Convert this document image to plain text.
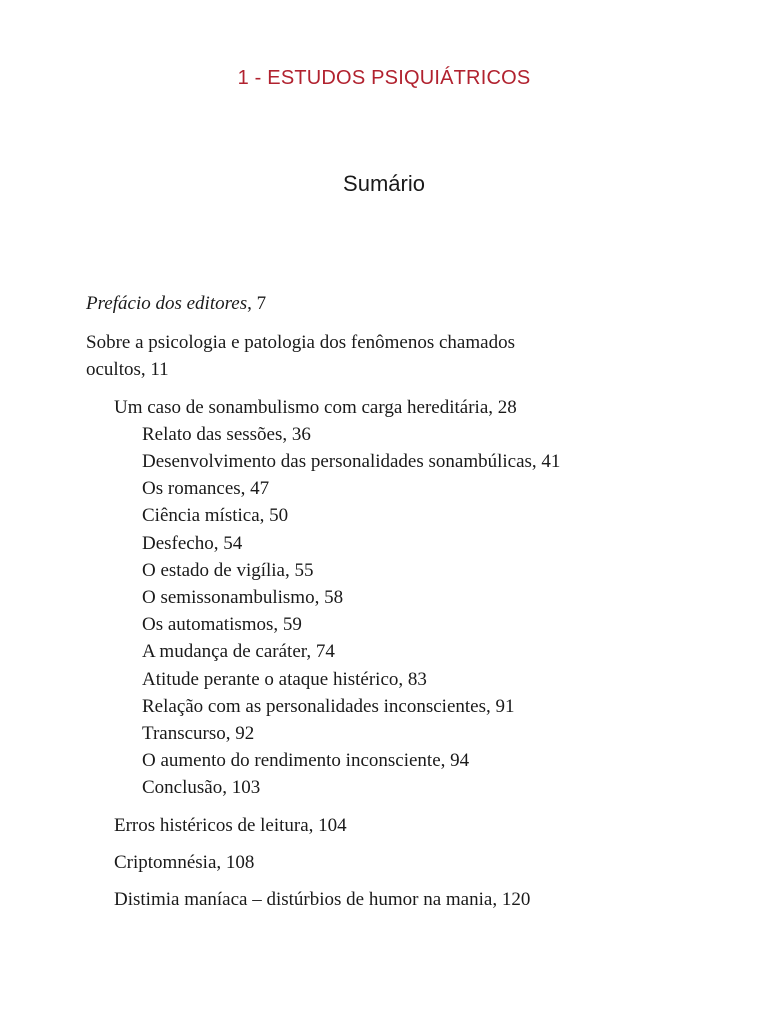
1 - ESTUDOS PSIQUIÁTRICOS
Sumário
Prefácio dos editores, 7
Sobre a psicologia e patologia dos fenômenos chamados
ocultos, 11
Um caso de sonambulismo com carga hereditária, 28
Relato das sessões, 36
Desenvolvimento das personalidades sonambúlicas, 41
Os romances, 47
Ciência mística, 50
Desfecho, 54
O estado de vigília, 55
O semissonambulismo, 58
Os automatismos, 59
A mudança de caráter, 74
Atitude perante o ataque histérico, 83
Relação com as personalidades inconscientes, 91
Transcurso, 92
O aumento do rendimento inconsciente, 94
Conclusão, 103
Erros histéricos de leitura, 104
Criptomnésia, 108
Distimia maníaca – distúrbios de humor na mania, 120
